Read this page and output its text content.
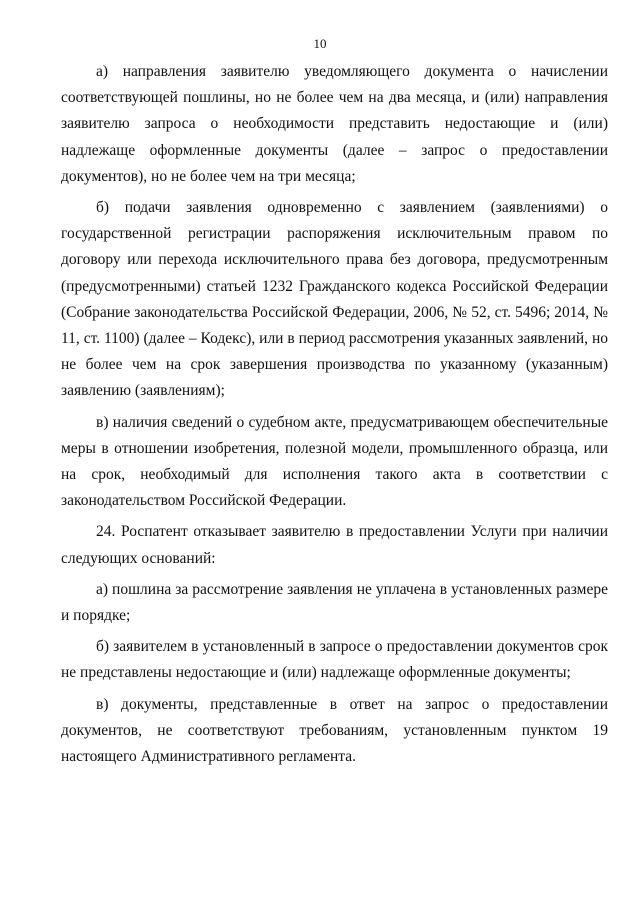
10

а) направления заявителю уведомляющего документа о начислении соответствующей пошлины, но не более чем на два месяца, и (или) направления заявителю запроса о необходимости представить недостающие и (или) надлежаще оформленные документы (далее – запрос о предоставлении документов), но не более чем на три месяца;

б) подачи заявления одновременно с заявлением (заявлениями) о государственной регистрации распоряжения исключительным правом по договору или перехода исключительного права без договора, предусмотренным (предусмотренными) статьей 1232 Гражданского кодекса Российской Федерации (Собрание законодательства Российской Федерации, 2006, № 52, ст. 5496; 2014, № 11, ст. 1100) (далее – Кодекс), или в период рассмотрения указанных заявлений, но не более чем на срок завершения производства по указанному (указанным) заявлению (заявлениям);

в) наличия сведений о судебном акте, предусматривающем обеспечительные меры в отношении изобретения, полезной модели, промышленного образца, или на срок, необходимый для исполнения такого акта в соответствии с законодательством Российской Федерации.

24. Роспатент отказывает заявителю в предоставлении Услуги при наличии следующих оснований:

а) пошлина за рассмотрение заявления не уплачена в установленных размере и порядке;

б) заявителем в установленный в запросе о предоставлении документов срок не представлены недостающие и (или) надлежаще оформленные документы;

в) документы, представленные в ответ на запрос о предоставлении документов, не соответствуют требованиям, установленным пунктом 19 настоящего Административного регламента.
